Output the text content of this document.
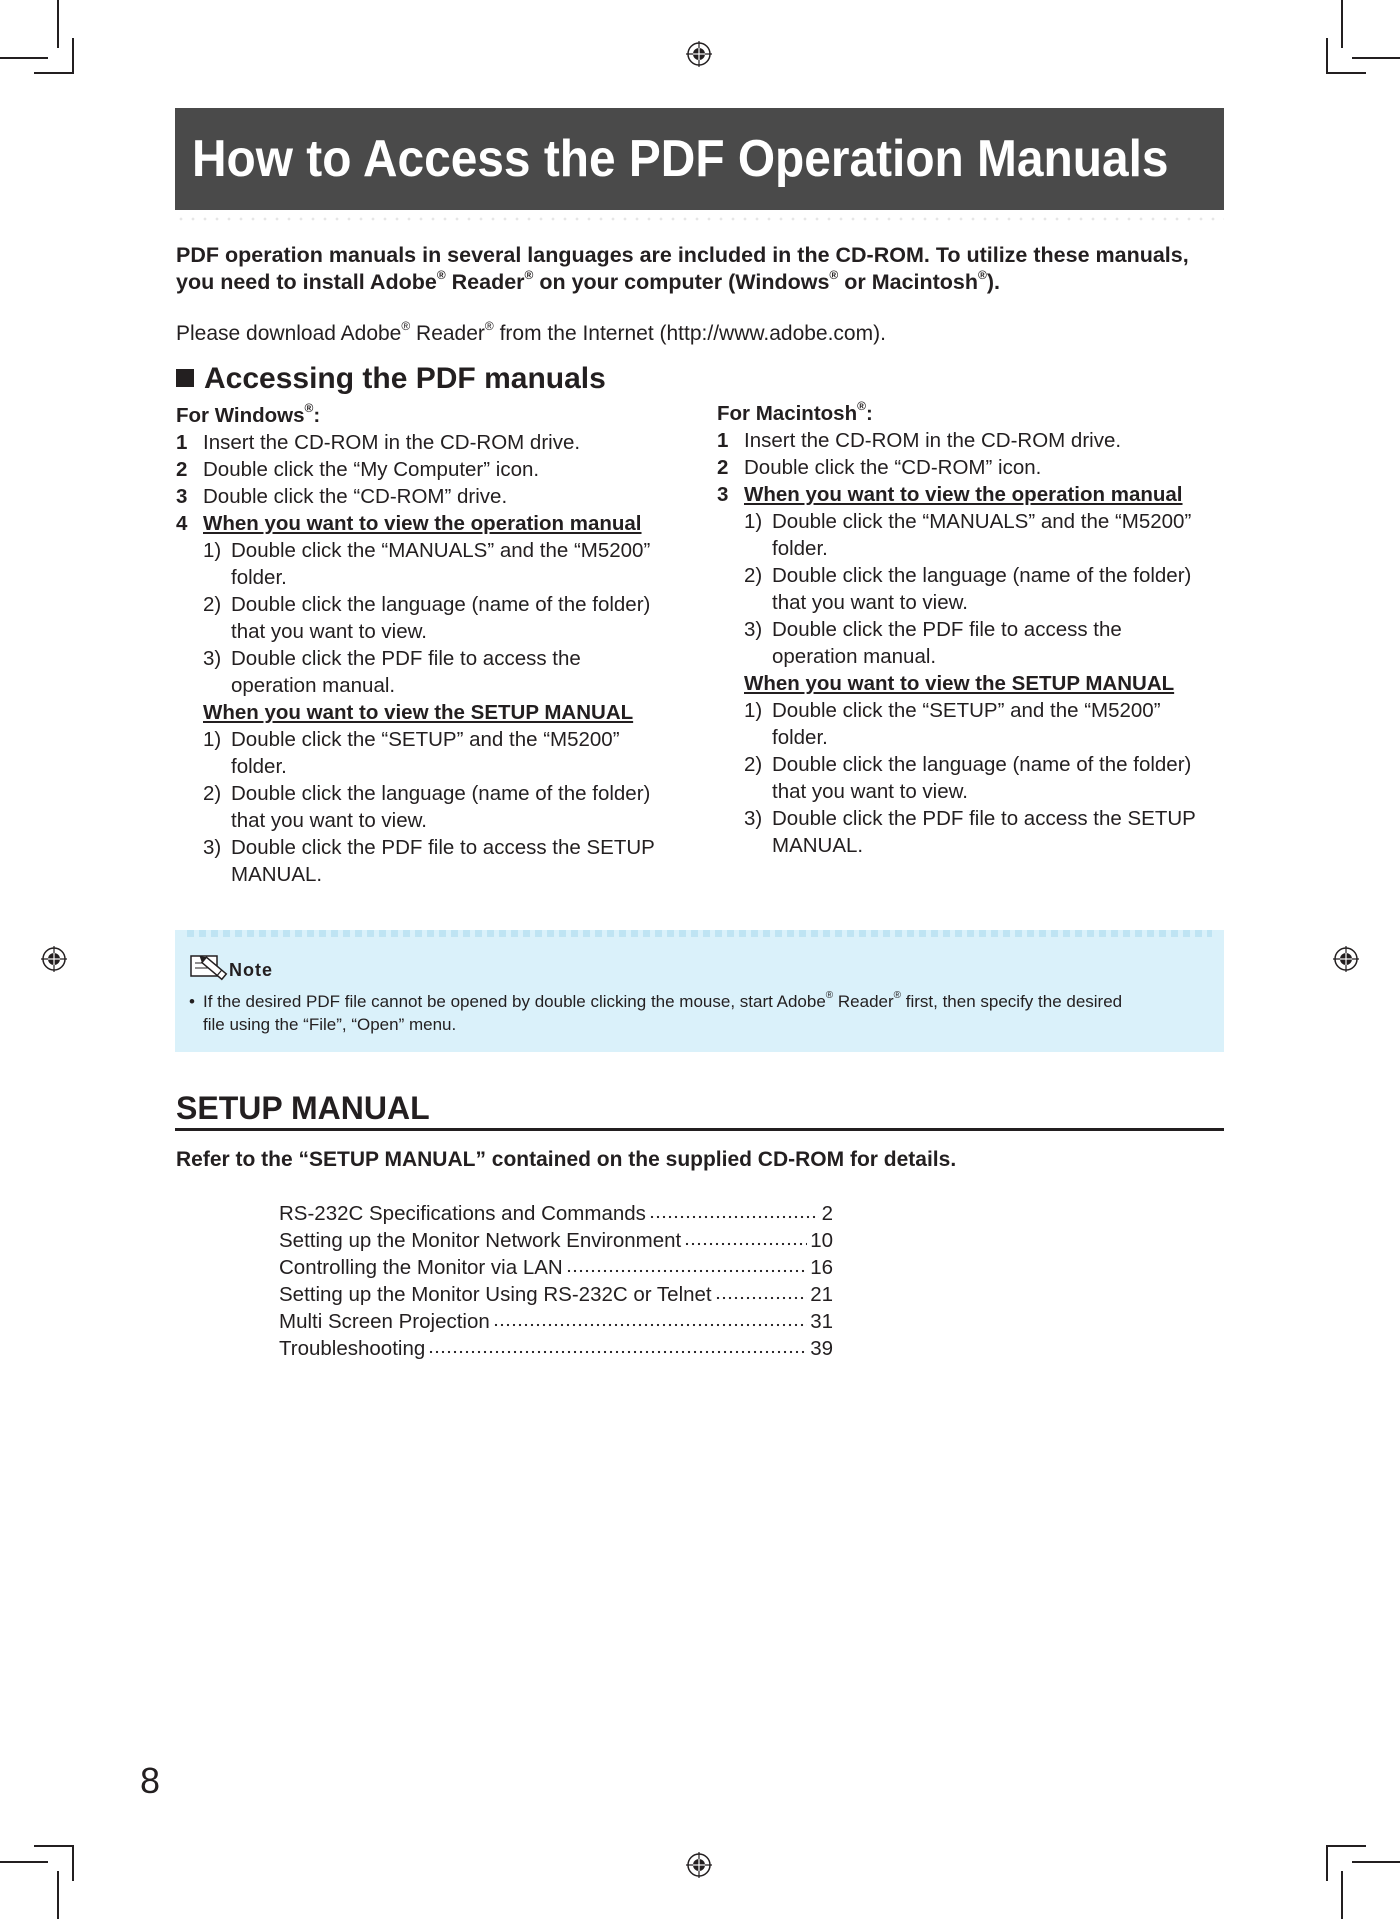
How to Access the PDF Operation Manuals
PDF operation manuals in several languages are included in the CD-ROM. To utilize these manuals,
you need to install Adobe® Reader® on your computer (Windows® or Macintosh®).
Please download Adobe® Reader® from the Internet (http://www.adobe.com).
Accessing the PDF manuals
For Windows®:
1 Insert the CD-ROM in the CD-ROM drive.
2 Double click the “My Computer” icon.
3 Double click the “CD-ROM” drive.
4 When you want to view the operation manual
1) Double click the “MANUALS” and the “M5200”
folder.
2) Double click the language (name of the folder)
that you want to view.
3) Double click the PDF file to access the
operation manual.
When you want to view the SETUP MANUAL
1) Double click the “SETUP” and the “M5200”
folder.
2) Double click the language (name of the folder)
that you want to view.
3) Double click the PDF file to access the SETUP
MANUAL.
For Macintosh®:
1 Insert the CD-ROM in the CD-ROM drive.
2 Double click the “CD-ROM” icon.
3 When you want to view the operation manual
1) Double click the “MANUALS” and the “M5200”
folder.
2) Double click the language (name of the folder)
that you want to view.
3) Double click the PDF file to access the
operation manual.
When you want to view the SETUP MANUAL
1) Double click the “SETUP” and the “M5200”
folder.
2) Double click the language (name of the folder)
that you want to view.
3) Double click the PDF file to access the SETUP
MANUAL.
Note
• If the desired PDF file cannot be opened by double clicking the mouse, start Adobe® Reader® first, then specify the desired
file using the “File”, “Open” menu.
SETUP MANUAL
Refer to the “SETUP MANUAL” contained on the supplied CD-ROM for details.
RS-232C Specifications and Commands	2
Setting up the Monitor Network Environment	10
Controlling the Monitor via LAN	16
Setting up the Monitor Using RS-232C or Telnet	21
Multi Screen Projection	31
Troubleshooting	39
8
